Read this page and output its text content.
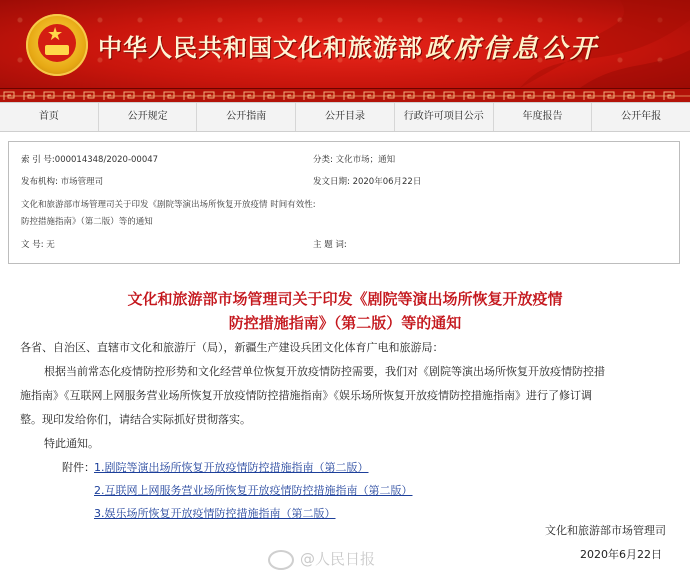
★ 中华人民共和国文化和旅游部 政府信息公开
首页	公开规定	公开指南	公开目录	行政许可项目公示	年度报告	公开年报
索 引 号:000014348/2020-00047	分类: 文化市场；通知
发布机构: 市场管理司	发文日期: 2020年06月22日
文化和旅游部市场管理司关于印发《剧院等演出场所恢复开放疫情 时间有效性:
防控措施指南》（第二版）等的通知
文 号: 无	主 题 词:
文化和旅游部市场管理司关于印发《剧院等演出场所恢复开放疫情
防控措施指南》（第二版）等的通知
各省、自治区、直辖市文化和旅游厅（局），新疆生产建设兵团文化体育广电和旅游局：
根据当前常态化疫情防控形势和文化经营单位恢复开放疫情防控需要，我们对《剧院等演出场所恢复开放疫情防控措
施指南》《互联网上网服务营业场所恢复开放疫情防控措施指南》《娱乐场所恢复开放疫情防控措施指南》进行了修订调
整。现印发给你们，请结合实际抓好贯彻落实。
特此通知。
附件： 1.剧院等演出场所恢复开放疫情防控措施指南（第二版）
2.互联网上网服务营业场所恢复开放疫情防控措施指南（第二版）
3.娱乐场所恢复开放疫情防控措施指南（第二版）
文化和旅游部市场管理司
2020年6月22日
@人民日报
